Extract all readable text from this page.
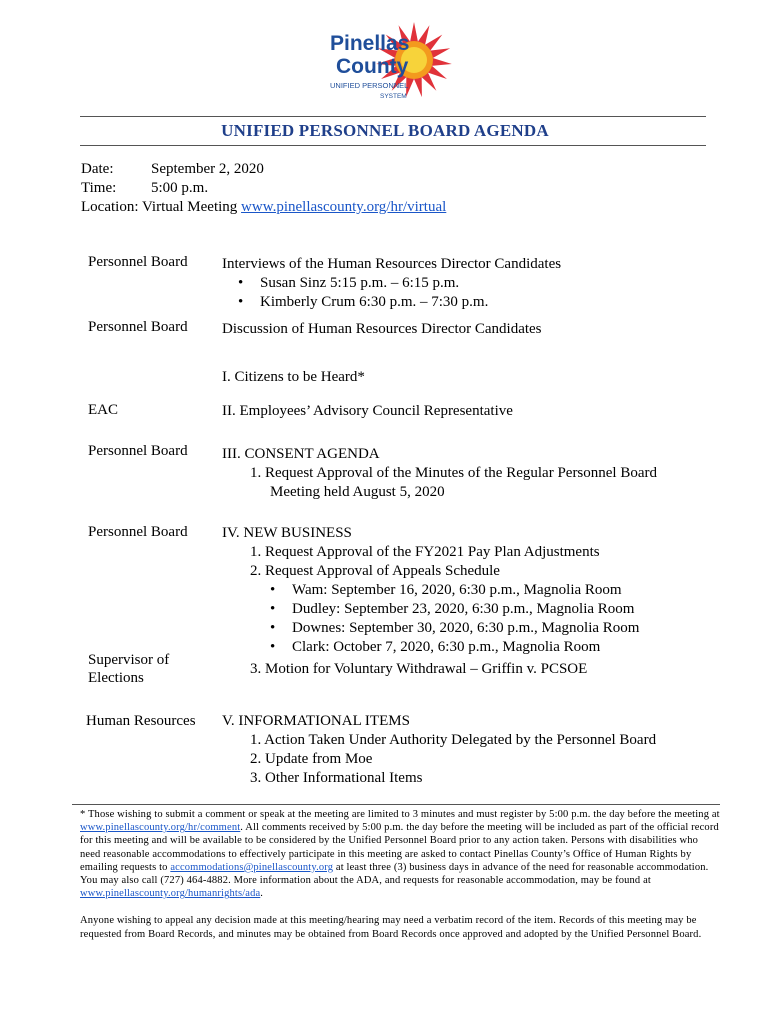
Pinellas
County
UNIFIED PERSONNEL
SYSTEM
UNIFIED PERSONNEL BOARD AGENDA
Date:	September 2, 2020
Time: 5:00 p.m.
Location: Virtual Meeting www.pinellascounty.org/hr/virtual
Personnel Board Interviews of the Human Resources Director Candidates
• Susan Sinz 5:15 p.m. – 6:15 p.m.
• Kimberly Crum 6:30 p.m. – 7:30 p.m.
Personnel Board Discussion of Human Resources Director Candidates
I. Citizens to be Heard*
EAC	II. Employees’ Advisory Council Representative
Personnel Board III. CONSENT AGENDA
1. Request Approval of the Minutes of the Regular Personnel Board
Meeting held August 5, 2020
Personnel Board IV. NEW BUSINESS
1. Request Approval of the FY2021 Pay Plan Adjustments
2. Request Approval of Appeals Schedule
• Wam: September 16, 2020, 6:30 p.m., Magnolia Room
• Dudley: September 23, 2020, 6:30 p.m., Magnolia Room
• Downes: September 30, 2020, 6:30 p.m., Magnolia Room
• Clark: October 7, 2020, 6:30 p.m., Magnolia Room
Supervisor of
Elections
3. Motion for Voluntary Withdrawal – Griffin v. PCSOE
Human Resources V. INFORMATIONAL ITEMS
1. Action Taken Under Authority Delegated by the Personnel Board
2. Update from Moe
3. Other Informational Items

* Those wishing to submit a comment or speak at the meeting are limited to 3 minutes and must register by 5:00 p.m. the day before the meeting at www.pinellascounty.org/hr/comment. All comments received by 5:00 p.m. the day before the meeting will be included as part of the official record for this meeting and will be available to be considered by the Unified Personnel Board prior to any action taken. Persons with disabilities who need reasonable accommodations to effectively participate in this meeting are asked to contact Pinellas County’s Office of Human Rights by emailing requests to accommodations@pinellascounty.org at least three (3) business days in advance of the need for reasonable accommodation. You may also call (727) 464-4882. More information about the ADA, and requests for reasonable accommodation, may be found at www.pinellascounty.org/humanrights/ada.

Anyone wishing to appeal any decision made at this meeting/hearing may need a verbatim record of the item. Records of this meeting may be requested from Board Records, and minutes may be obtained from Board Records once approved and adopted by the Unified Personnel Board.
